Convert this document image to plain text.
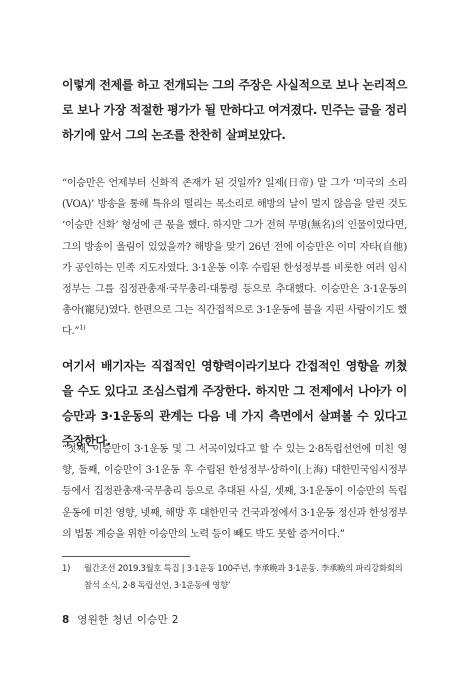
이렇게 전제를 하고 전개되는 그의 주장은 사실적으로 보나 논리적으로 보나 가장 적절한 평가가 될 만하다고 여겨졌다. 민주는 글을 정리하기에 앞서 그의 논조를 찬찬히 살펴보았다.

“이승만은 언제부터 신화적 존재가 된 것일까? 일제(日帝) 말 그가 ‘미국의 소리(VOA)’ 방송을 통해 특유의 떨리는 목소리로 해방의 날이 멀지 않음을 알린 것도 ‘이승만 신화’ 형성에 큰 몫을 했다. 하지만 그가 전혀 무명(無名)의 인물이었다면, 그의 방송이 울림이 있었을까? 해방을 맞기 26년 전에 이승만은 이미 자타(自他)가 공인하는 민족 지도자였다. 3·1운동 이후 수립된 한성정부를 비롯한 여러 임시정부는 그를 집정관총재·국무총리·대통령 등으로 추대했다. 이승만은 3·1운동의 총아(寵兒)였다. 한편으로 그는 직간접적으로 3·1운동에 불을 지핀 사람이기도 했다.”$^{1)}$

여기서 배기자는 직접적인 영향력이라기보다 간접적인 영향을 끼쳤을 수도 있다고 조심스럽게 주장한다. 하지만 그 전제에서 나아가 이승만과 3·1운동의 관계는 다음 네 가지 측면에서 살펴볼 수 있다고 주장한다.

“첫째, 이승만이 3·1운동 및 그 서곡이었다고 할 수 있는 2·8독립선언에 미친 영향, 둘째, 이승만이 3·1운동 후 수립된 한성정부·상하이(上海) 대한민국임시정부 등에서 집정관총재·국무총리 등으로 추대된 사실, 셋째, 3·1운동이 이승만의 독립운동에 미친 영향, 넷째, 해방 후 대한민국 건국과정에서 3·1운동 정신과 한성정부의 법통 계승을 위한 이승만의 노력 등이 빼도 박도 못할 증거이다.”

1)	월간조선 2019.3월호 특집 | 3·1운동 100주년, 李承晩과 3·1운동. 李承晩의 파리강화회의 참석 소식, 2·8 독립선언, 3·1운동에 영향’
8 영원한 청년 이승만 2
